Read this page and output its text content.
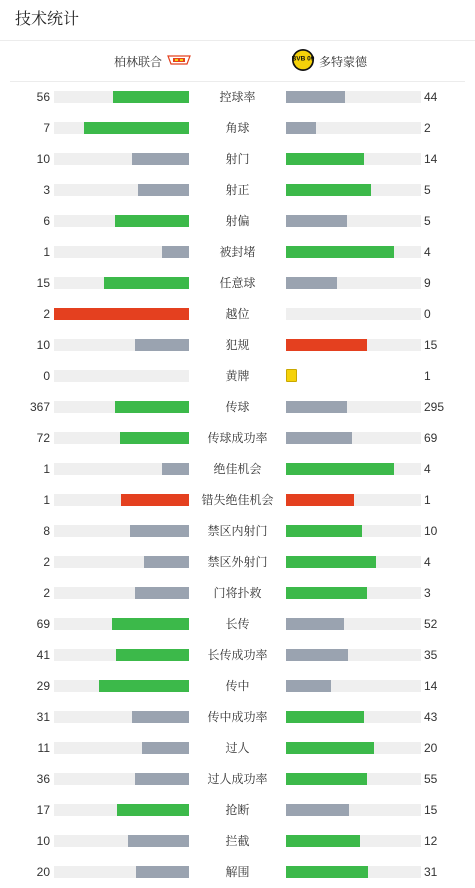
技术统计
柏林联合	BVB 09 多特蒙德
56	控球率	44
7	角球	2
10	射门	14
3	射正	5
6	射偏	5
1	被封堵	4
15	任意球	9
2	越位	0
10	犯规	15
0	黄牌	1
367	传球	295
72	传球成功率	69
1	绝佳机会	4
1	错失绝佳机会	1
8	禁区内射门	10
2	禁区外射门	4
2	门将扑救	3
69	长传	52
41	长传成功率	35
29	传中	14
31	传中成功率	43
11	过人	20
36	过人成功率	55
17	抢断	15
10	拦截	12
20	解围	31
